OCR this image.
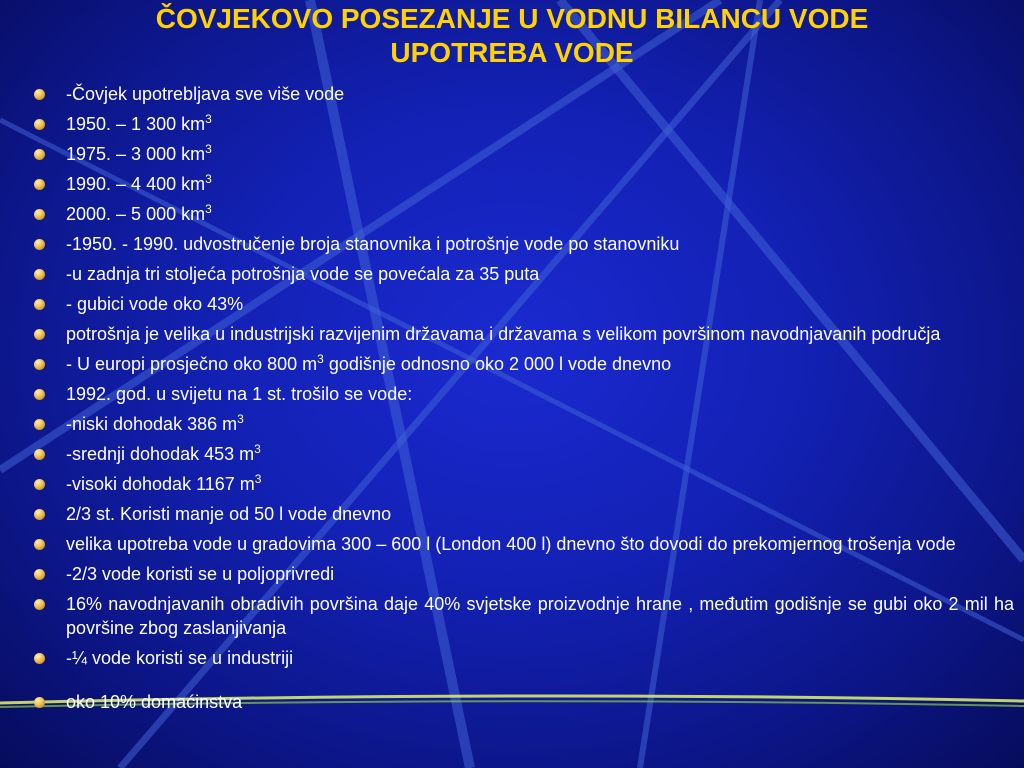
ČOVJEKOVO POSEZANJE U VODNU BILANCU VODE
UPOTREBA VODE
-Čovjek upotrebljava sve više vode
1950. – 1 300 $km^3$
1975. – 3 000 $km^3$
1990. – 4 400 $km^3$
2000. – 5 000 $km^3$
-1950. - 1990. udvostručenje broja stanovnika i potrošnje vode po stanovniku
-u zadnja tri stoljeća potrošnja vode se povećala za 35 puta
- gubici vode oko 43%
potrošnja je velika u industrijski razvijenim državama i državama s velikom površinom navodnjavanih područja
- U europi prosječno oko 800 $m^3$ godišnje odnosno oko 2 000 l vode dnevno
1992. god. u svijetu na 1 st. trošilo se vode:
-niski dohodak 386 $m^3$
-srednji dohodak 453 $m^3$
-visoki dohodak 1167 $m^3$
2/3 st. Koristi manje od 50 l vode dnevno
velika upotreba vode u gradovima 300 – 600 l (London 400 l) dnevno što dovodi do prekomjernog trošenja vode
-2/3 vode koristi se u poljoprivredi
16% navodnjavanih obradivih površina daje 40% svjetske proizvodnje hrane , međutim godišnje se gubi oko 2 mil ha površine zbog zaslanjivanja
-¼ vode koristi se u industriji
oko 10% domaćinstva
